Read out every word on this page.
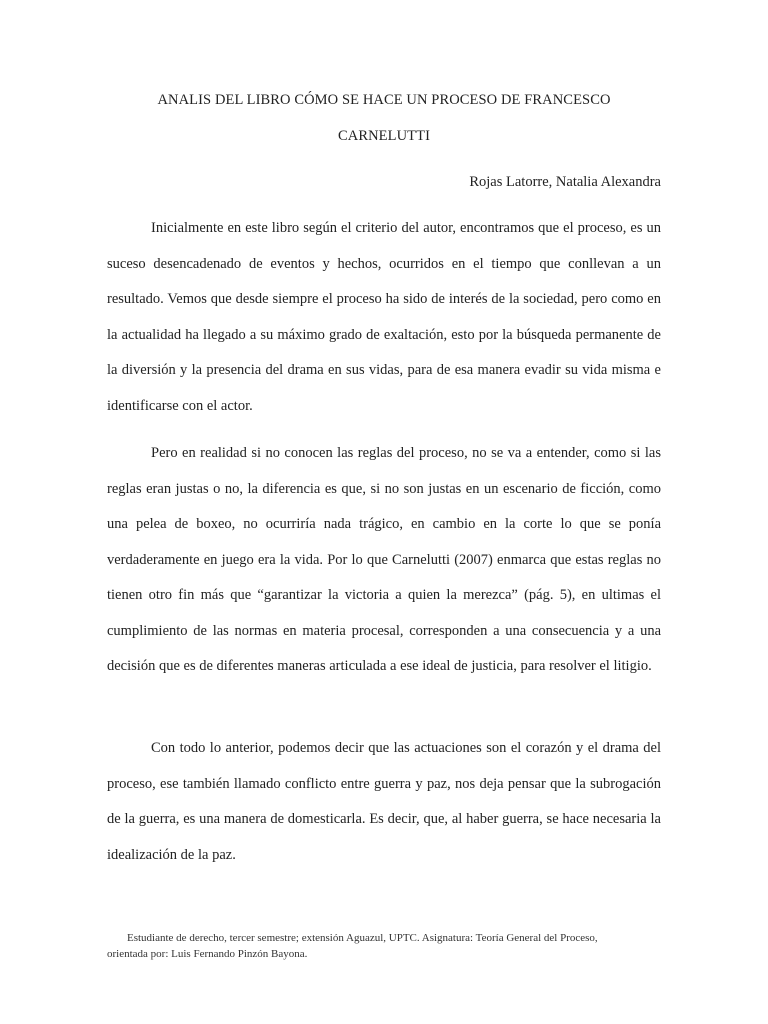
ANALIS DEL LIBRO CÓMO SE HACE UN PROCESO DE FRANCESCO
CARNELUTTI
Rojas Latorre, Natalia Alexandra

Inicialmente en este libro según el criterio del autor, encontramos que el proceso, es un suceso desencadenado de eventos y hechos, ocurridos en el tiempo que conllevan a un resultado. Vemos que desde siempre el proceso ha sido de interés de la sociedad, pero como en la actualidad ha llegado a su máximo grado de exaltación, esto por la búsqueda permanente de la diversión y la presencia del drama en sus vidas, para de esa manera evadir su vida misma e identificarse con el actor.

Pero en realidad si no conocen las reglas del proceso, no se va a entender, como si las reglas eran justas o no, la diferencia es que, si no son justas en un escenario de ficción, como una pelea de boxeo, no ocurriría nada trágico, en cambio en la corte lo que se ponía verdaderamente en juego era la vida. Por lo que Carnelutti (2007) enmarca que estas reglas no tienen otro fin más que “garantizar la victoria a quien la merezca” (pág. 5), en ultimas el cumplimiento de las normas en materia procesal, corresponden a una consecuencia y a una decisión que es de diferentes maneras articulada a ese ideal de justicia, para resolver el litigio.

Con todo lo anterior, podemos decir que las actuaciones son el corazón y el drama del proceso, ese también llamado conflicto entre guerra y paz, nos deja pensar que la subrogación de la guerra, es una manera de domesticarla. Es decir, que, al haber guerra, se hace necesaria la idealización de la paz.

Estudiante de derecho, tercer semestre; extensión Aguazul, UPTC. Asignatura: Teoría General del Proceso, orientada por: Luis Fernando Pinzón Bayona.
